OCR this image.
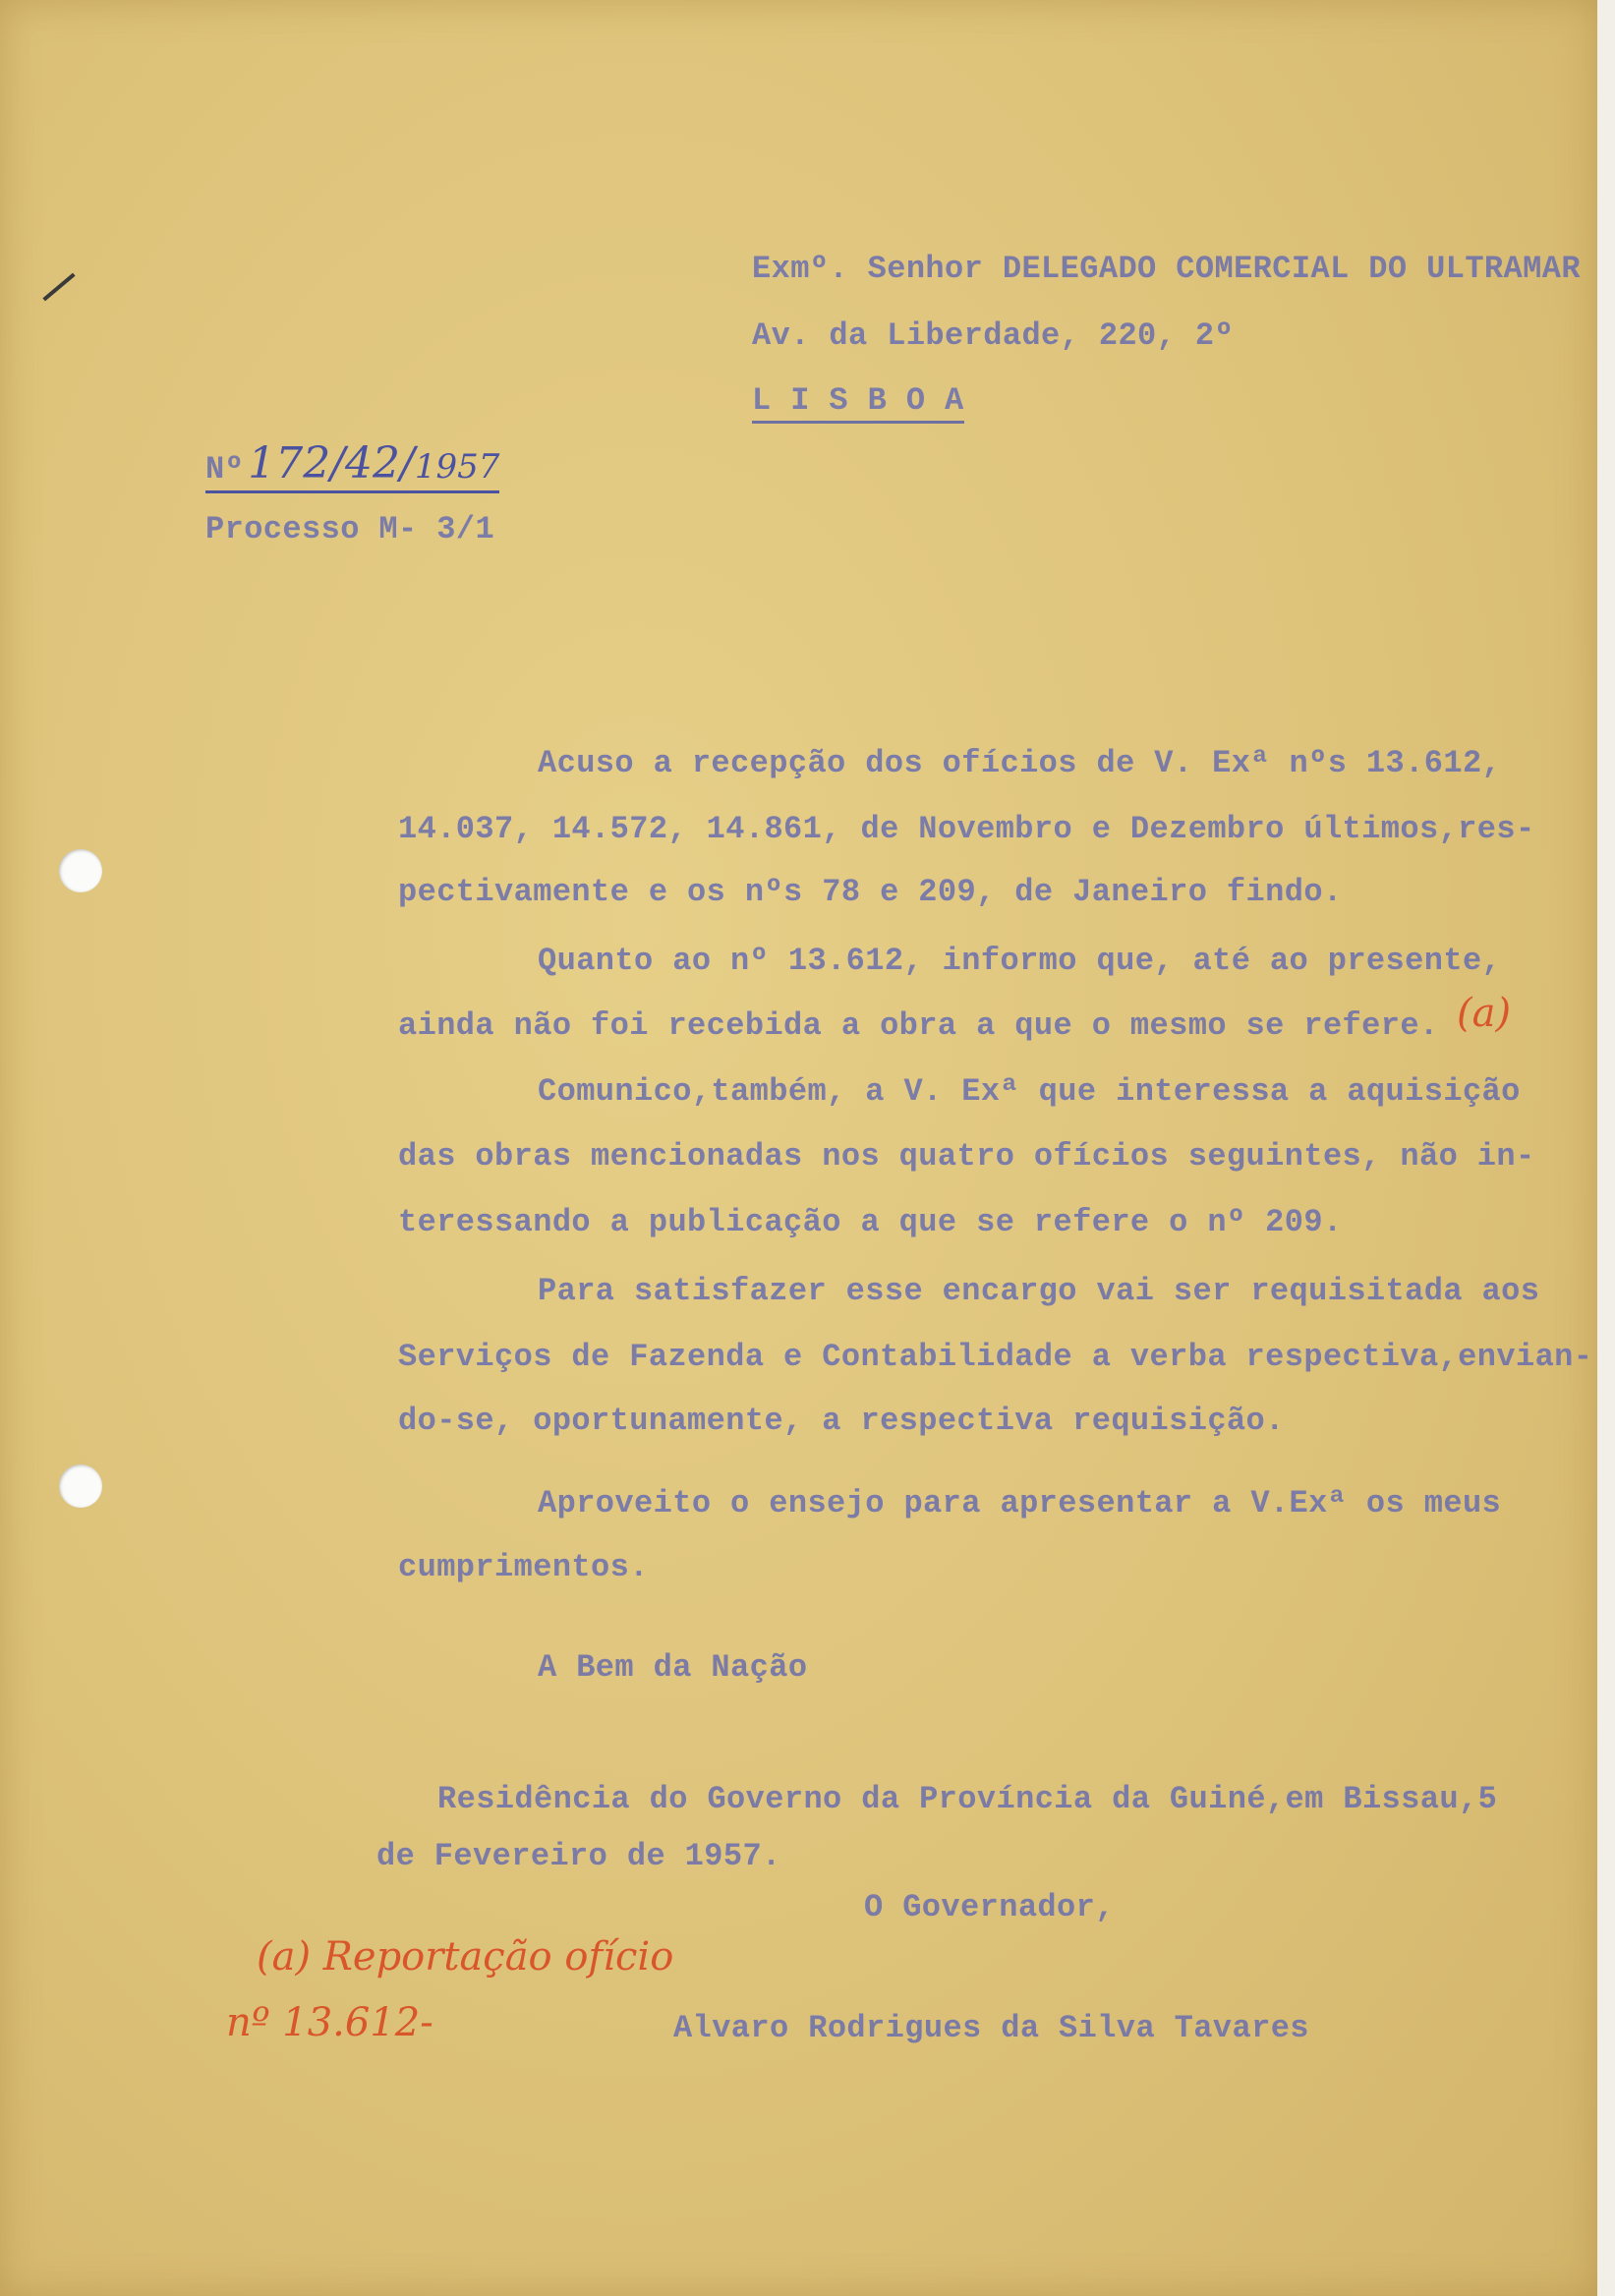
Exmº. Senhor DELEGADO COMERCIAL DO ULTRAMAR
Av. da Liberdade, 220, 2º
L I S B O A
Nº 172/42/1957
Processo M- 3/1
Acuso a recepção dos ofícios de V. Exª nºs 13.612,
14.037, 14.572, 14.861, de Novembro e Dezembro últimos,res-
pectivamente e os nºs 78 e 209, de Janeiro findo.
Quanto ao nº 13.612, informo que, até ao presente,
ainda não foi recebida a obra a que o mesmo se refere. (a)
Comunico,também, a V. Exª que interessa a aquisição
das obras mencionadas nos quatro ofícios seguintes, não in-
teressando a publicação a que se refere o nº 209.
Para satisfazer esse encargo vai ser requisitada aos
Serviços de Fazenda e Contabilidade a verba respectiva,envian-
do-se, oportunamente, a respectiva requisição.
Aproveito o ensejo para apresentar a V.Exª os meus
cumprimentos.
A Bem da Nação
Residência do Governo da Província da Guiné,em Bissau,5
de Fevereiro de 1957.
O Governador,
Alvaro Rodrigues da Silva Tavares
(a) Reportação ofício
nº 13.612-
